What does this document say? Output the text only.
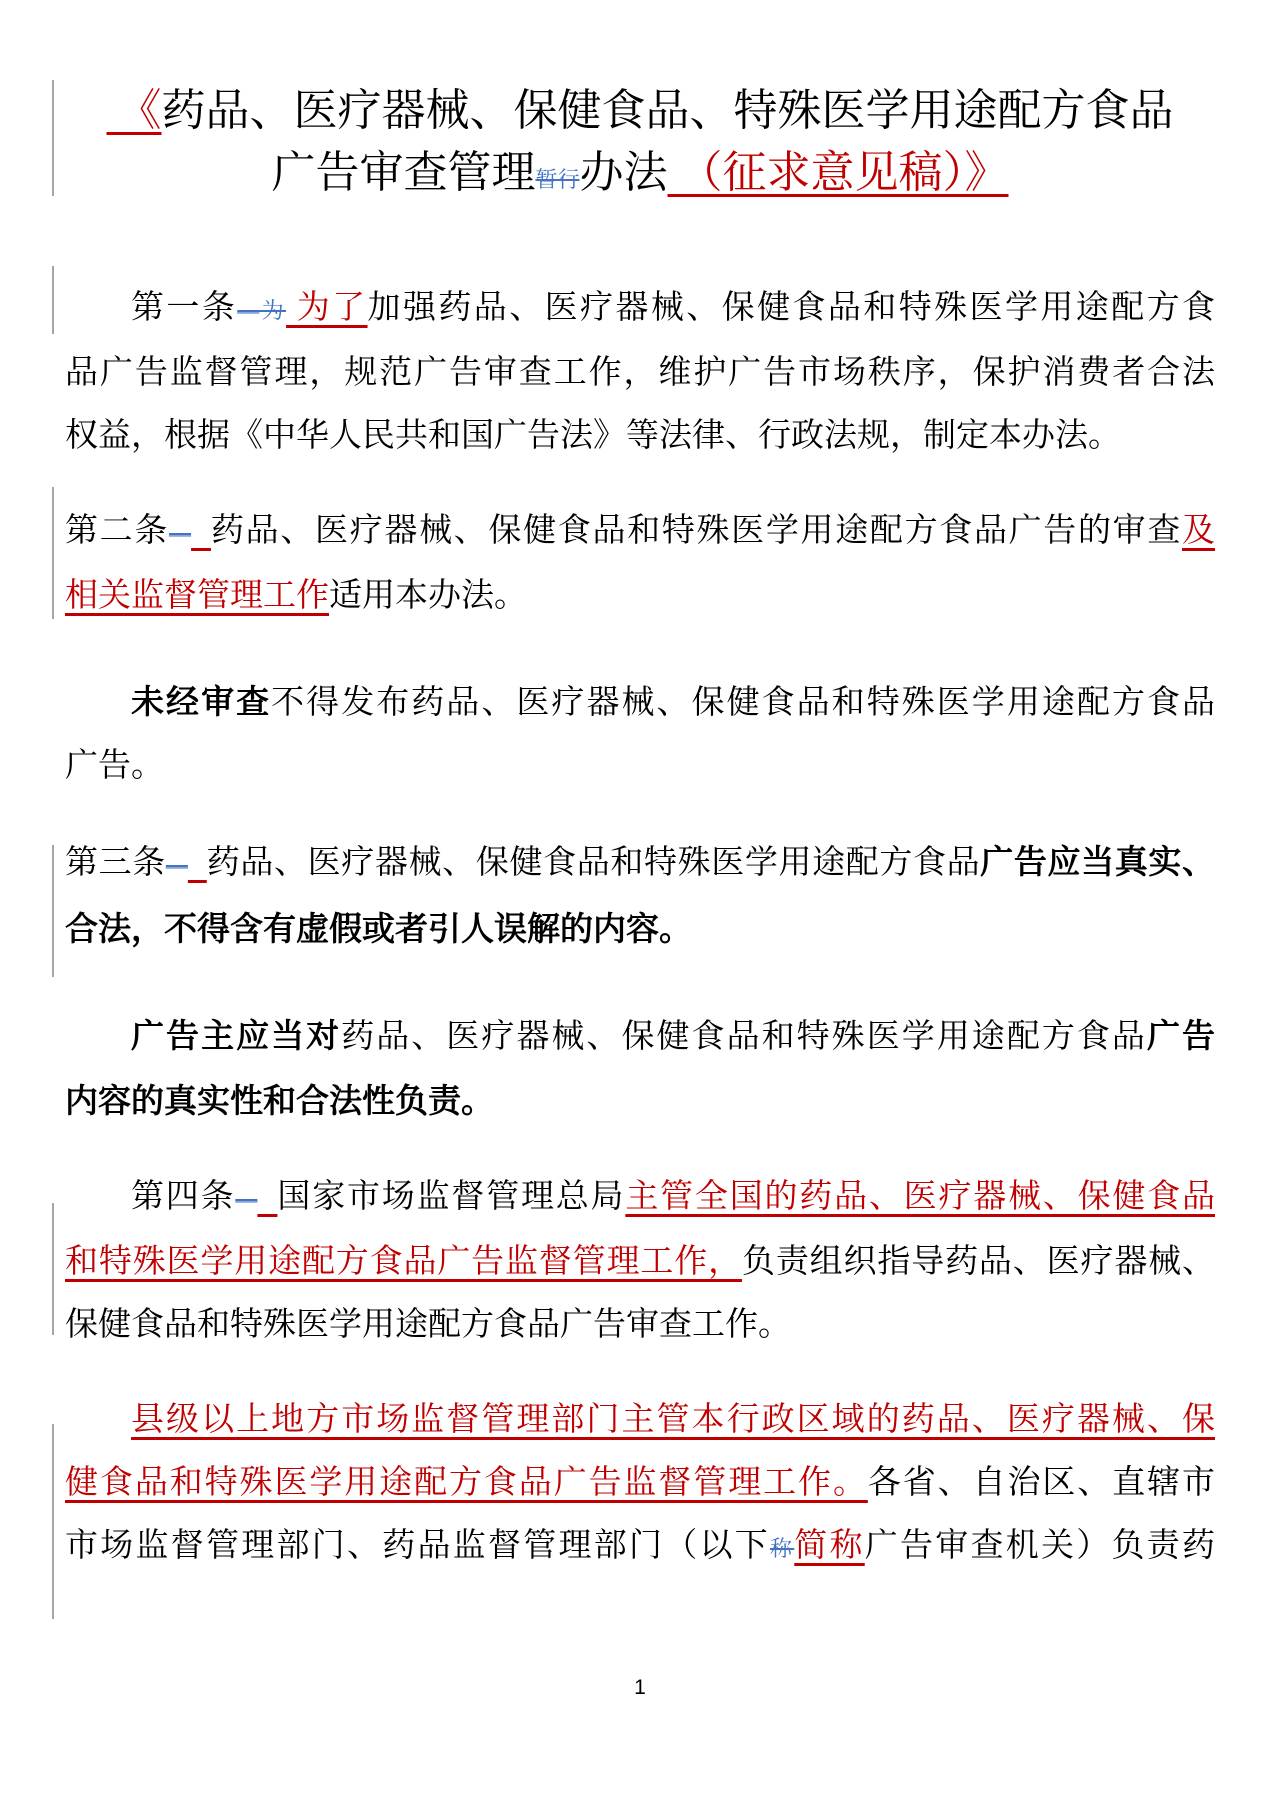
《药品、医疗器械、保健食品、特殊医学用途配方食品
广告审查管理暂行办法 （征求意见稿）》
第一条—为 为了加强药品、医疗器械、保健食品和特殊医学用途配方食
品广告监督管理，规范广告审查工作，维护广告市场秩序，保护消费者合法
权益，根据《中华人民共和国广告法》等法律、行政法规，制定本办法。
第二条— 药品、医疗器械、保健食品和特殊医学用途配方食品广告的审查及
相关监督管理工作适用本办法。
未经审查不得发布药品、医疗器械、保健食品和特殊医学用途配方食品
广告。
第三条— 药品、医疗器械、保健食品和特殊医学用途配方食品广告应当真实、
合法，不得含有虚假或者引人误解的内容。
广告主应当对药品、医疗器械、保健食品和特殊医学用途配方食品广告
内容的真实性和合法性负责。
第四条— 国家市场监督管理总局主管全国的药品、医疗器械、保健食品
和特殊医学用途配方食品广告监督管理工作，负责组织指导药品、医疗器械、
保健食品和特殊医学用途配方食品广告审查工作。
县级以上地方市场监督管理部门主管本行政区域的药品、医疗器械、保
健食品和特殊医学用途配方食品广告监督管理工作。各省、自治区、直辖市
市场监督管理部门、药品监督管理部门（以下称简称广告审查机关）负责药
1
